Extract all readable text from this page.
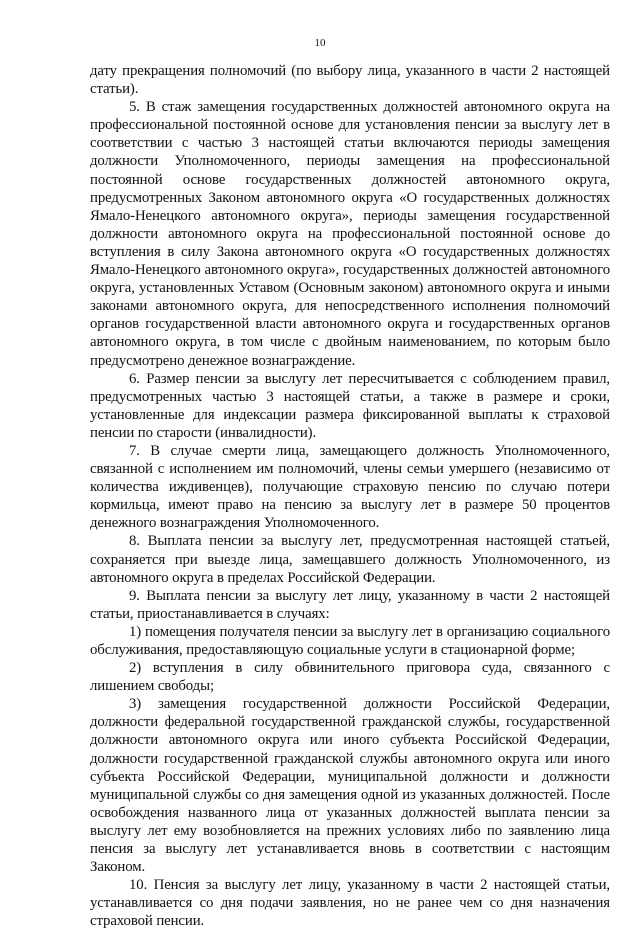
10

дату прекращения полномочий (по выбору лица, указанного в части 2 настоящей статьи).

5. В стаж замещения государственных должностей автономного округа на профессиональной постоянной основе для установления пенсии за выслугу лет в соответствии с частью 3 настоящей статьи включаются периоды замещения должности Уполномоченного, периоды замещения на профессиональной постоянной основе государственных должностей автономного округа, предусмотренных Законом автономного округа «О государственных должностях Ямало-Ненецкого автономного округа», периоды замещения государственной должности автономного округа на профессиональной постоянной основе до вступления в силу Закона автономного округа «О государственных должностях Ямало-Ненецкого автономного округа», государственных должностей автономного округа, установленных Уставом (Основным законом) автономного округа и иными законами автономного округа, для непосредственного исполнения полномочий органов государственной власти автономного округа и государственных органов автономного округа, в том числе с двойным наименованием, по которым было предусмотрено денежное вознаграждение.

6. Размер пенсии за выслугу лет пересчитывается с соблюдением правил, предусмотренных частью 3 настоящей статьи, а также в размере и сроки, установленные для индексации размера фиксированной выплаты к страховой пенсии по старости (инвалидности).

7. В случае смерти лица, замещающего должность Уполномоченного, связанной с исполнением им полномочий, члены семьи умершего (независимо от количества иждивенцев), получающие страховую пенсию по случаю потери кормильца, имеют право на пенсию за выслугу лет в размере 50 процентов денежного вознаграждения Уполномоченного.

8. Выплата пенсии за выслугу лет, предусмотренная настоящей статьей, сохраняется при выезде лица, замещавшего должность Уполномоченного, из автономного округа в пределах Российской Федерации.

9. Выплата пенсии за выслугу лет лицу, указанному в части 2 настоящей статьи, приостанавливается в случаях:

1) помещения получателя пенсии за выслугу лет в организацию социального обслуживания, предоставляющую социальные услуги в стационарной форме;

2) вступления в силу обвинительного приговора суда, связанного с лишением свободы;

3) замещения государственной должности Российской Федерации, должности федеральной государственной гражданской службы, государственной должности автономного округа или иного субъекта Российской Федерации, должности государственной гражданской службы автономного округа или иного субъекта Российской Федерации, муниципальной должности и должности муниципальной службы со дня замещения одной из указанных должностей. После освобождения названного лица от указанных должностей выплата пенсии за выслугу лет ему возобновляется на прежних условиях либо по заявлению лица пенсия за выслугу лет устанавливается вновь в соответствии с настоящим Законом.

10. Пенсия за выслугу лет лицу, указанному в части 2 настоящей статьи, устанавливается со дня подачи заявления, но не ранее чем со дня назначения страховой пенсии.
